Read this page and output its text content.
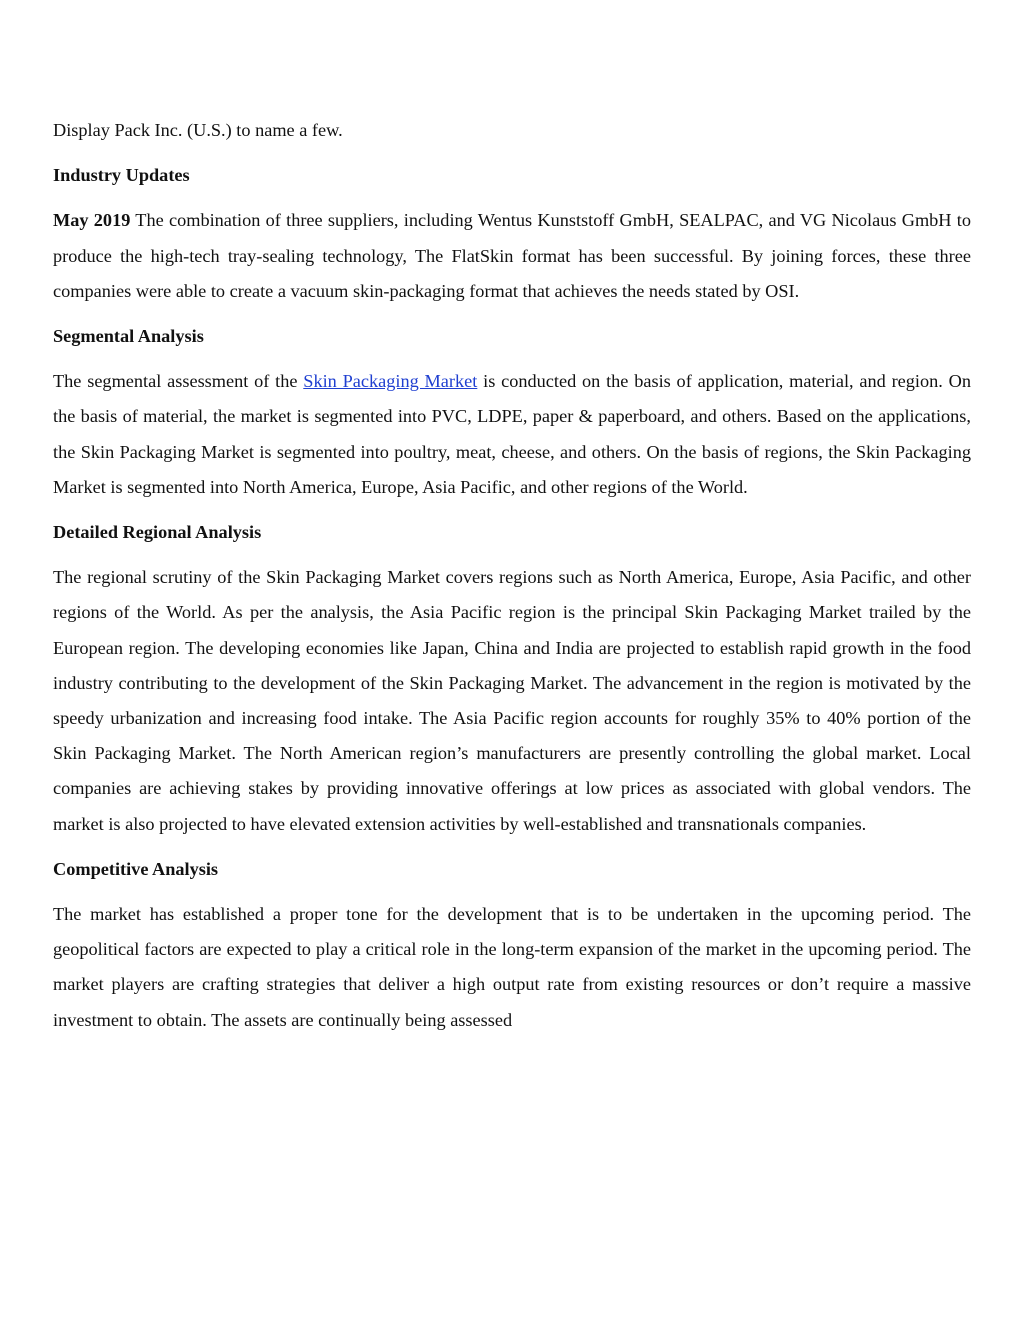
Display Pack Inc. (U.S.) to name a few.

Industry Updates

May 2019 The combination of three suppliers, including Wentus Kunststoff GmbH, SEALPAC, and VG Nicolaus GmbH to produce the high-tech tray-sealing technology, The FlatSkin format has been successful. By joining forces, these three companies were able to create a vacuum skin-packaging format that achieves the needs stated by OSI.

Segmental Analysis

The segmental assessment of the Skin Packaging Market is conducted on the basis of application, material, and region. On the basis of material, the market is segmented into PVC, LDPE, paper & paperboard, and others. Based on the applications, the Skin Packaging Market is segmented into poultry, meat, cheese, and others. On the basis of regions, the Skin Packaging Market is segmented into North America, Europe, Asia Pacific, and other regions of the World.

Detailed Regional Analysis

The regional scrutiny of the Skin Packaging Market covers regions such as North America, Europe, Asia Pacific, and other regions of the World. As per the analysis, the Asia Pacific region is the principal Skin Packaging Market trailed by the European region. The developing economies like Japan, China and India are projected to establish rapid growth in the food industry contributing to the development of the Skin Packaging Market. The advancement in the region is motivated by the speedy urbanization and increasing food intake. The Asia Pacific region accounts for roughly 35% to 40% portion of the Skin Packaging Market. The North American region’s manufacturers are presently controlling the global market. Local companies are achieving stakes by providing innovative offerings at low prices as associated with global vendors. The market is also projected to have elevated extension activities by well-established and transnationals companies.

Competitive Analysis

The market has established a proper tone for the development that is to be undertaken in the upcoming period. The geopolitical factors are expected to play a critical role in the long-term expansion of the market in the upcoming period. The market players are crafting strategies that deliver a high output rate from existing resources or don’t require a massive investment to obtain. The assets are continually being assessed
